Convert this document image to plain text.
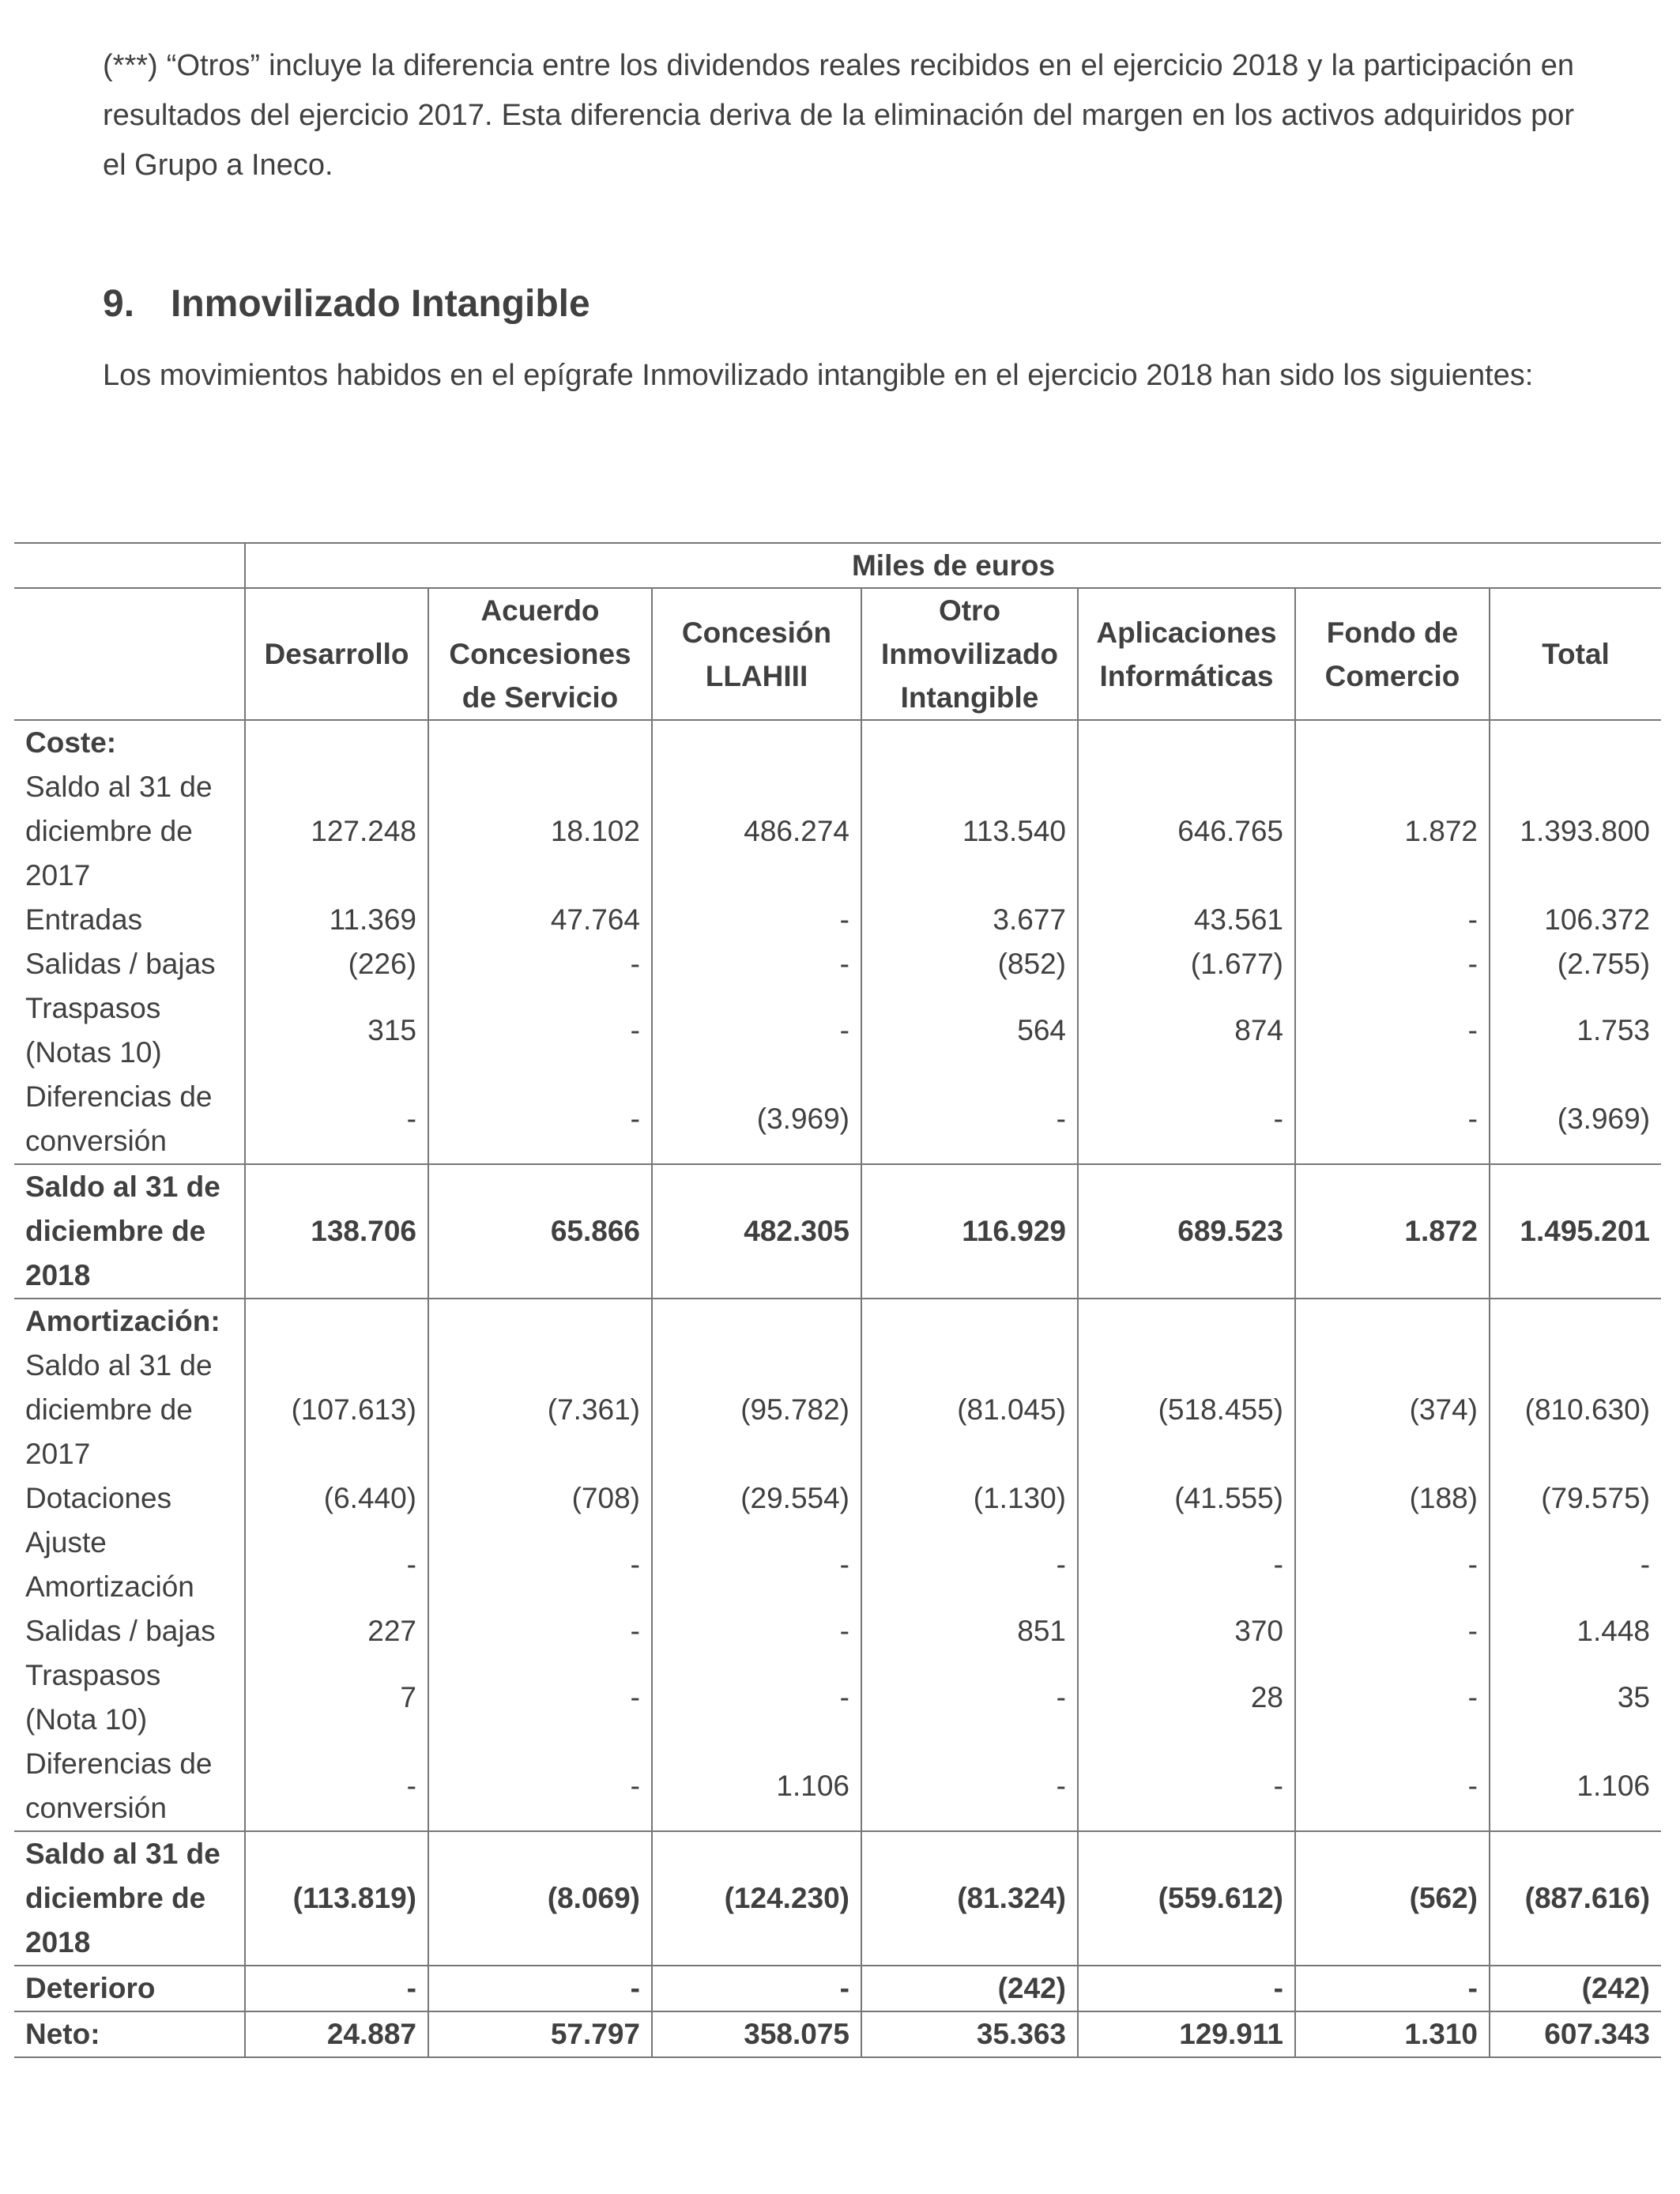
(***) “Otros” incluye la diferencia entre los dividendos reales recibidos en el ejercicio 2018 y la participación en resultados del ejercicio 2017. Esta diferencia deriva de la eliminación del margen en los activos adquiridos por el Grupo a Ineco.

9. Inmovilizado Intangible

Los movimientos habidos en el epígrafe Inmovilizado intangible en el ejercicio 2018 han sido los siguientes:

	Miles de euros						
	Desarrollo	Acuerdo Concesiones de Servicio	Concesión LLAHIII	Otro Inmovilizado Intangible	Aplicaciones Informáticas	Fondo de Comercio	Total
Coste:							
Saldo al 31 de diciembre de 2017	127.248	18.102	486.274	113.540	646.765	1.872	1.393.800
Entradas	11.369	47.764	-	3.677	43.561	-	106.372
Salidas / bajas	(226)	-	-	(852)	(1.677)	-	(2.755)
Traspasos (Notas 10)	315	-	-	564	874	-	1.753
Diferencias de conversión	-	-	(3.969)	-	-	-	(3.969)
Saldo al 31 de diciembre de 2018	138.706	65.866	482.305	116.929	689.523	1.872	1.495.201
Amortización:							
Saldo al 31 de diciembre de 2017	(107.613)	(7.361)	(95.782)	(81.045)	(518.455)	(374)	(810.630)
Dotaciones	(6.440)	(708)	(29.554)	(1.130)	(41.555)	(188)	(79.575)
Ajuste Amortización	-	-	-	-	-	-	-
Salidas / bajas	227	-	-	851	370	-	1.448
Traspasos (Nota 10)	7	-	-	-	28	-	35
Diferencias de conversión	-	-	1.106	-	-	-	1.106
Saldo al 31 de diciembre de 2018	(113.819)	(8.069)	(124.230)	(81.324)	(559.612)	(562)	(887.616)
Deterioro	-	-	-	(242)	-	-	(242)
Neto:	24.887	57.797	358.075	35.363	129.911	1.310	607.343
